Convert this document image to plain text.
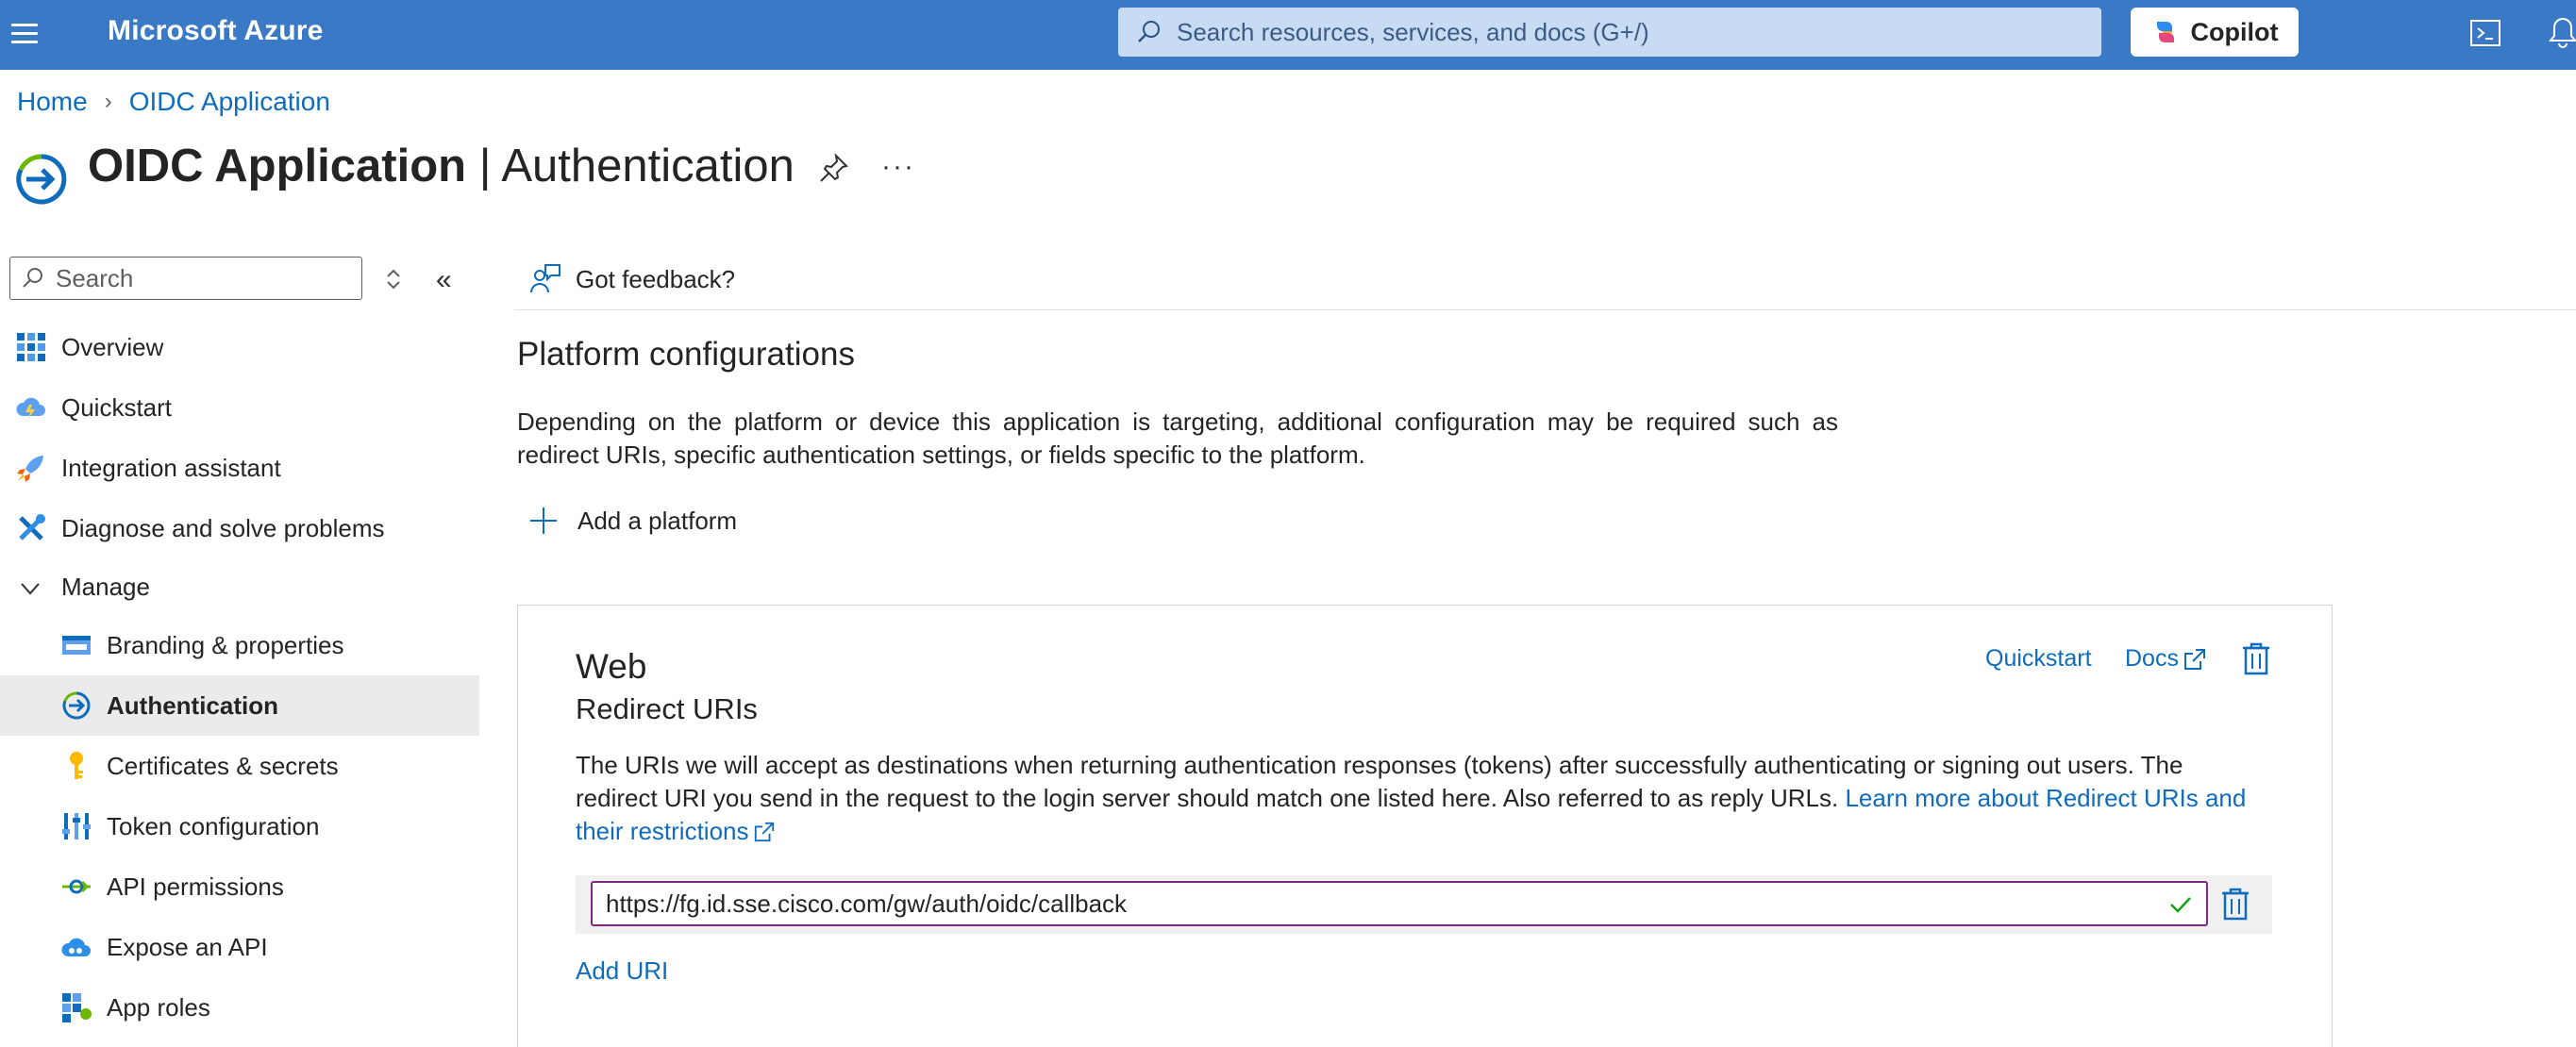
Microsoft Azure	Search resources, services, and docs (G+/)	Copilot
Home › OIDC Application
OIDC Application | Authentication	···
Search	«
Overview
Quickstart
Integration assistant
Diagnose and solve problems
Manage
Branding & properties
Authentication
Certificates & secrets
Token configuration
API permissions
Expose an API
App roles
Got feedback?
Platform configurations
Depending on the platform or device this application is targeting, additional configuration may be required such as redirect URIs, specific authentication settings, or fields specific to the platform.
Add a platform
Web
Redirect URIs
Quickstart Docs
The URIs we will accept as destinations when returning authentication responses (tokens) after successfully authenticating or signing out users. The redirect URI you send in the request to the login server should match one listed here. Also referred to as reply URLs. Learn more about Redirect URIs and their restrictions
https://fg.id.sse.cisco.com/gw/auth/oidc/callback
Add URI
